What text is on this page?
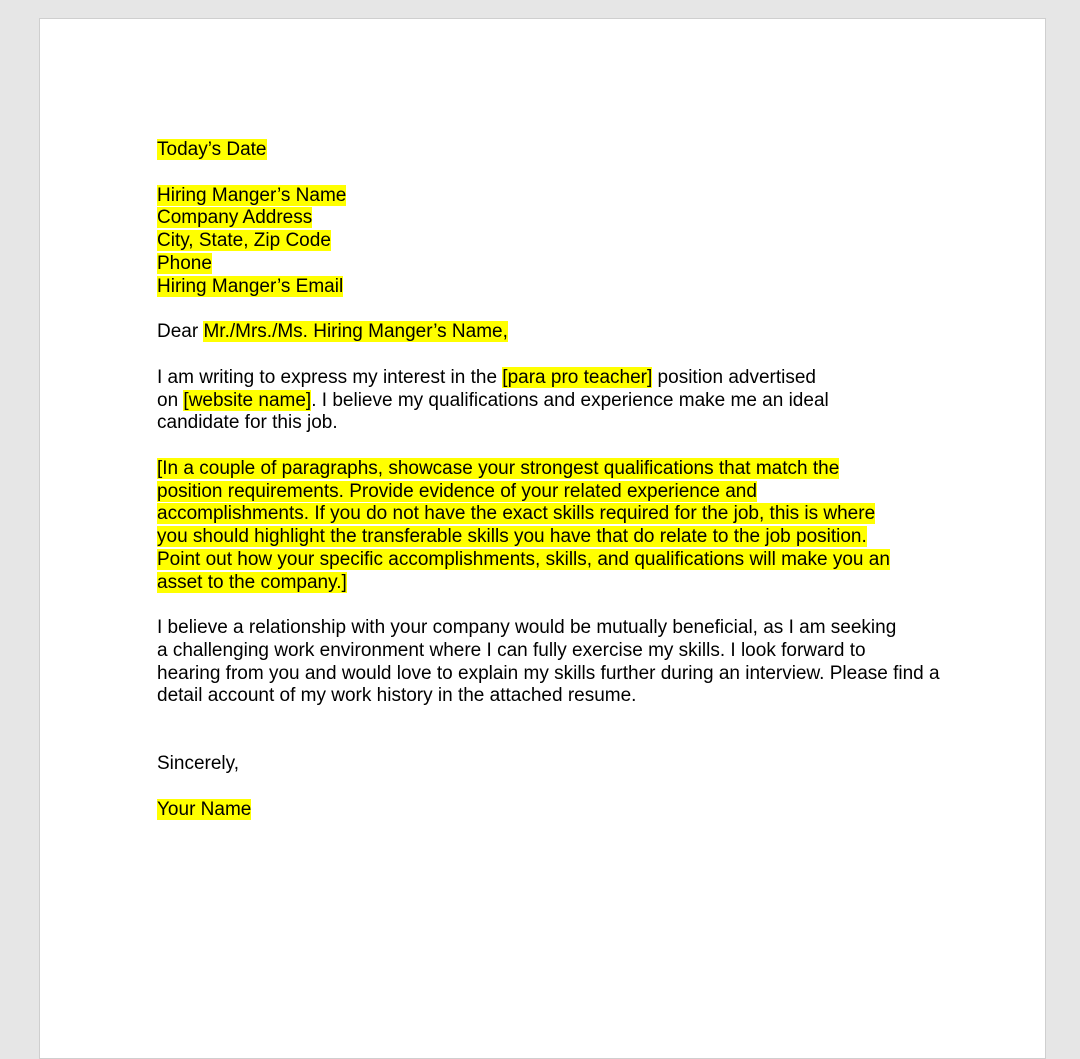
Today’s Date

Hiring Manger’s Name
Company Address
City, State, Zip Code
Phone
Hiring Manger’s Email

Dear Mr./Mrs./Ms. Hiring Manger’s Name,

I am writing to express my interest in the [para pro teacher] position advertised
on [website name]. I believe my qualifications and experience make me an ideal
candidate for this job.

[In a couple of paragraphs, showcase your strongest qualifications that match the
position requirements. Provide evidence of your related experience and
accomplishments. If you do not have the exact skills required for the job, this is where
you should highlight the transferable skills you have that do relate to the job position.
Point out how your specific accomplishments, skills, and qualifications will make you an
asset to the company.]

I believe a relationship with your company would be mutually beneficial, as I am seeking
a challenging work environment where I can fully exercise my skills. I look forward to
hearing from you and would love to explain my skills further during an interview. Please find a
detail account of my work history in the attached resume.

Sincerely,

Your Name
